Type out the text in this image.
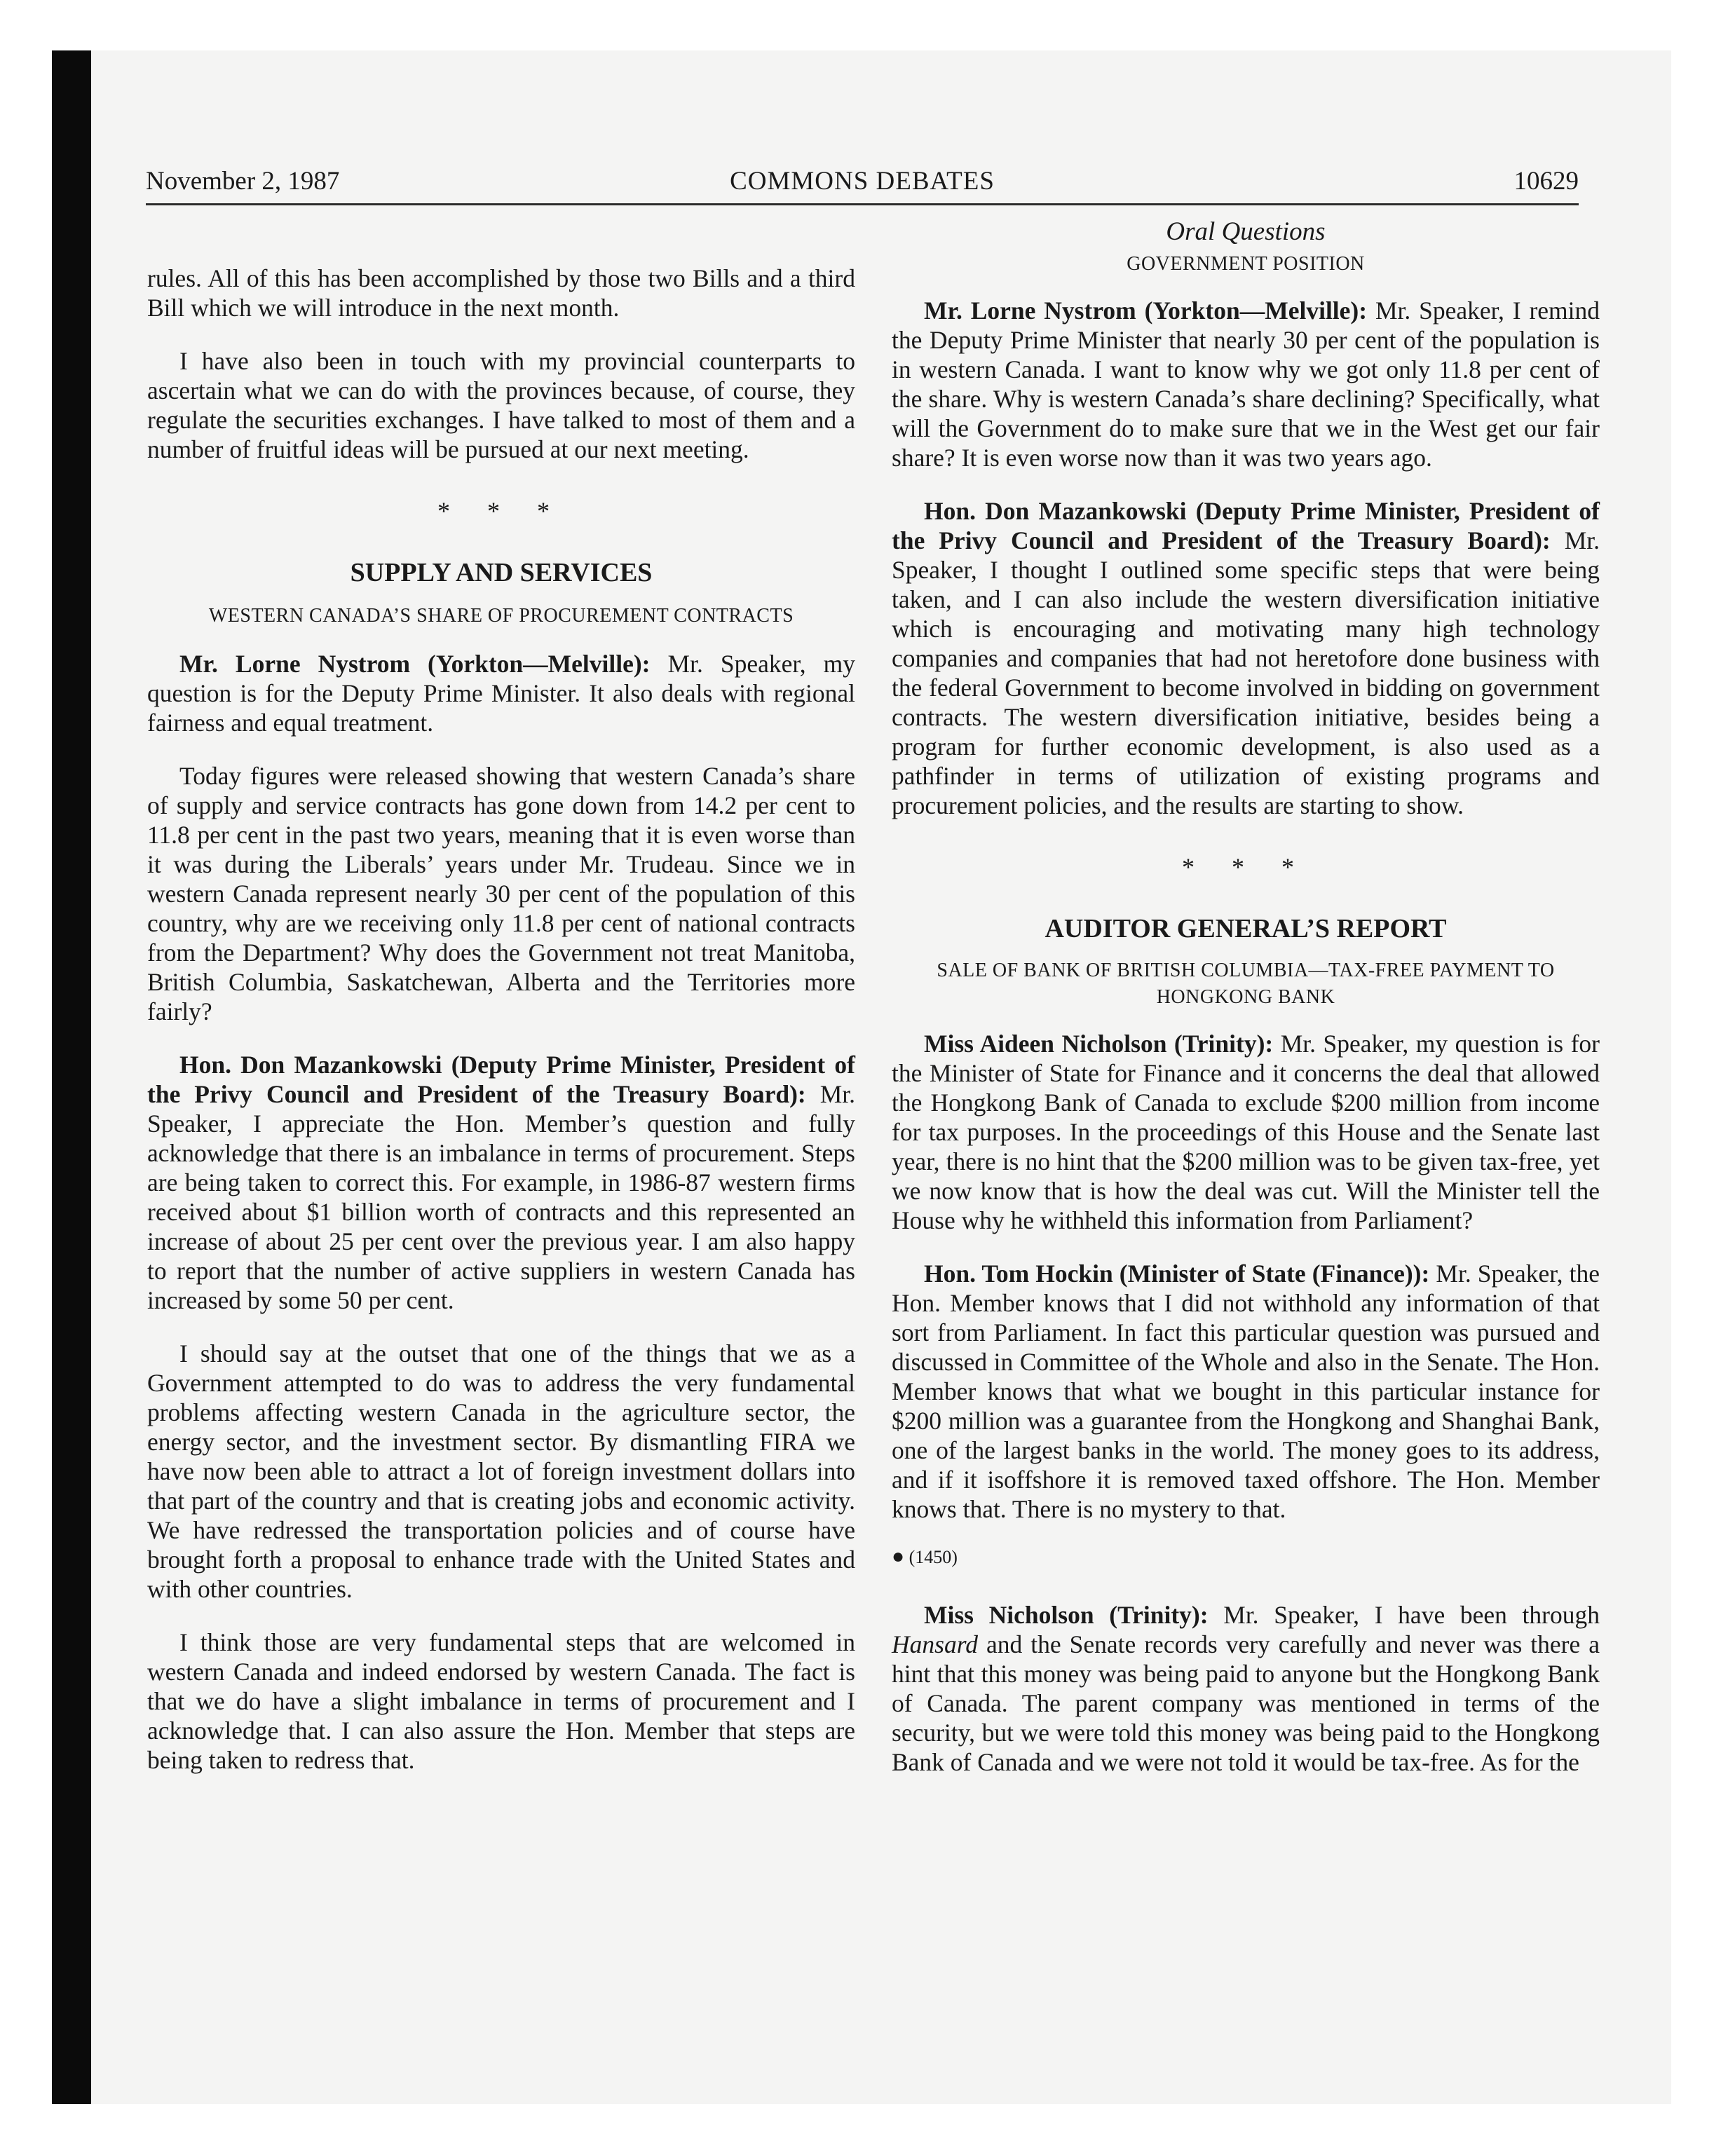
November 2, 1987	COMMONS DEBATES	10629

rules. All of this has been accomplished by those two Bills and a third Bill which we will introduce in the next month.

I have also been in touch with my provincial counterparts to ascertain what we can do with the provinces because, of course, they regulate the securities exchanges. I have talked to most of them and a number of fruitful ideas will be pursued at our next meeting.

* * *
SUPPLY AND SERVICES
WESTERN CANADA’S SHARE OF PROCUREMENT CONTRACTS

Mr. Lorne Nystrom (Yorkton—Melville): Mr. Speaker, my question is for the Deputy Prime Minister. It also deals with regional fairness and equal treatment.

Today figures were released showing that western Canada’s share of supply and service contracts has gone down from 14.2 per cent to 11.8 per cent in the past two years, meaning that it is even worse than it was during the Liberals’ years under Mr. Trudeau. Since we in western Canada represent nearly 30 per cent of the population of this country, why are we receiving only 11.8 per cent of national contracts from the Department? Why does the Government not treat Manitoba, British Columbia, Saskatchewan, Alberta and the Territories more fairly?

Hon. Don Mazankowski (Deputy Prime Minister, President of the Privy Council and President of the Treasury Board): Mr. Speaker, I appreciate the Hon. Member’s question and fully acknowledge that there is an imbalance in terms of procurement. Steps are being taken to correct this. For example, in 1986-87 western firms received about $1 billion worth of contracts and this represented an increase of about 25 per cent over the previous year. I am also happy to report that the number of active suppliers in western Canada has increased by some 50 per cent.

I should say at the outset that one of the things that we as a Government attempted to do was to address the very fundamental problems affecting western Canada in the agriculture sector, the energy sector, and the investment sector. By dismantling FIRA we have now been able to attract a lot of foreign investment dollars into that part of the country and that is creating jobs and economic activity. We have redressed the transportation policies and of course have brought forth a proposal to enhance trade with the United States and with other countries.

I think those are very fundamental steps that are welcomed in western Canada and indeed endorsed by western Canada. The fact is that we do have a slight imbalance in terms of procurement and I acknowledge that. I can also assure the Hon. Member that steps are being taken to redress that.

Oral Questions
GOVERNMENT POSITION

Mr. Lorne Nystrom (Yorkton—Melville): Mr. Speaker, I remind the Deputy Prime Minister that nearly 30 per cent of the population is in western Canada. I want to know why we got only 11.8 per cent of the share. Why is western Canada’s share declining? Specifically, what will the Government do to make sure that we in the West get our fair share? It is even worse now than it was two years ago.

Hon. Don Mazankowski (Deputy Prime Minister, President of the Privy Council and President of the Treasury Board): Mr. Speaker, I thought I outlined some specific steps that were being taken, and I can also include the western diversification initiative which is encouraging and motivating many high technology companies and companies that had not heretofore done business with the federal Government to become involved in bidding on government contracts. The western diversification initiative, besides being a program for further economic development, is also used as a pathfinder in terms of utilization of existing programs and procurement policies, and the results are starting to show.

* * *
AUDITOR GENERAL’S REPORT
SALE OF BANK OF BRITISH COLUMBIA—TAX-FREE PAYMENT TO HONGKONG BANK

Miss Aideen Nicholson (Trinity): Mr. Speaker, my question is for the Minister of State for Finance and it concerns the deal that allowed the Hongkong Bank of Canada to exclude $200 million from income for tax purposes. In the proceedings of this House and the Senate last year, there is no hint that the $200 million was to be given tax-free, yet we now know that is how the deal was cut. Will the Minister tell the House why he withheld this information from Parliament?

Hon. Tom Hockin (Minister of State (Finance)): Mr. Speaker, the Hon. Member knows that I did not withhold any information of that sort from Parliament. In fact this particular question was pursued and discussed in Committee of the Whole and also in the Senate. The Hon. Member knows that what we bought in this particular instance for $200 million was a guarantee from the Hongkong and Shanghai Bank, one of the largest banks in the world. The money goes to its address, and if it isoffshore it is removed taxed offshore. The Hon. Member knows that. There is no mystery to that.

● (1450)

Miss Nicholson (Trinity): Mr. Speaker, I have been through Hansard and the Senate records very carefully and never was there a hint that this money was being paid to anyone but the Hongkong Bank of Canada. The parent company was mentioned in terms of the security, but we were told this money was being paid to the Hongkong Bank of Canada and we were not told it would be tax-free. As for the
